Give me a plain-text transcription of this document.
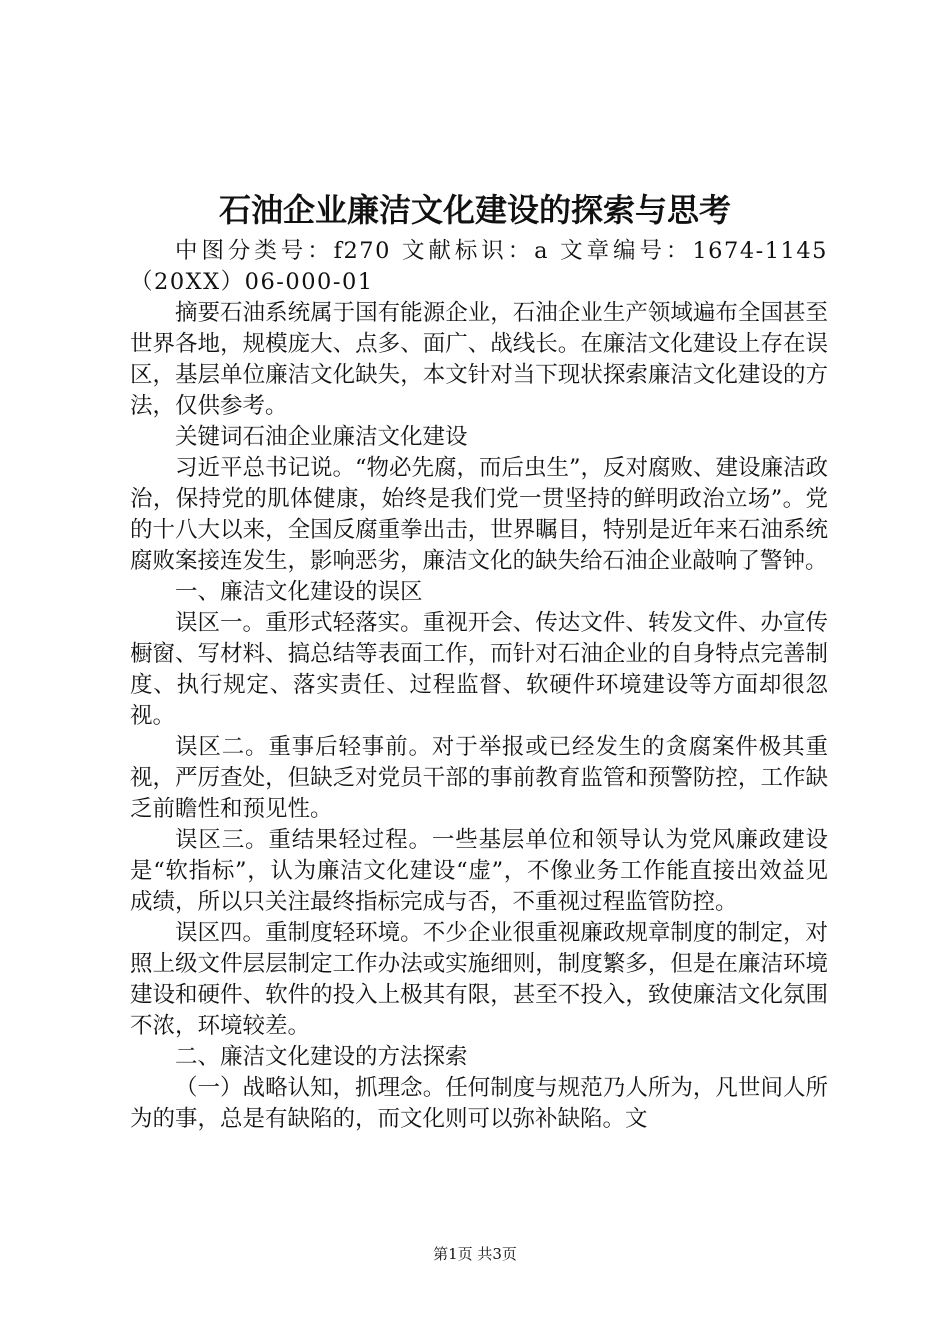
石油企业廉洁文化建设的探索与思考

中图分类号：f270 文献标识：a 文章编号：1674-1145（20XX）06-000-01

摘要石油系统属于国有能源企业，石油企业生产领域遍布全国甚至世界各地，规模庞大、点多、面广、战线长。在廉洁文化建设上存在误区，基层单位廉洁文化缺失，本文针对当下现状探索廉洁文化建设的方法，仅供参考。

关键词石油企业廉洁文化建设

习近平总书记说。“物必先腐，而后虫生”，反对腐败、建设廉洁政治，保持党的肌体健康，始终是我们党一贯坚持的鲜明政治立场”。党的十八大以来，全国反腐重拳出击，世界瞩目，特别是近年来石油系统腐败案接连发生，影响恶劣，廉洁文化的缺失给石油企业敲响了警钟。

一、廉洁文化建设的误区

误区一。重形式轻落实。重视开会、传达文件、转发文件、办宣传橱窗、写材料、搞总结等表面工作，而针对石油企业的自身特点完善制度、执行规定、落实责任、过程监督、软硬件环境建设等方面却很忽视。

误区二。重事后轻事前。对于举报或已经发生的贪腐案件极其重视，严厉查处，但缺乏对党员干部的事前教育监管和预警防控，工作缺乏前瞻性和预见性。

误区三。重结果轻过程。一些基层单位和领导认为党风廉政建设是“软指标”，认为廉洁文化建设“虚”，不像业务工作能直接出效益见成绩，所以只关注最终指标完成与否，不重视过程监管防控。

误区四。重制度轻环境。不少企业很重视廉政规章制度的制定，对照上级文件层层制定工作办法或实施细则，制度繁多，但是在廉洁环境建设和硬件、软件的投入上极其有限，甚至不投入，致使廉洁文化氛围不浓，环境较差。

二、廉洁文化建设的方法探索

（一）战略认知，抓理念。任何制度与规范乃人所为，凡世间人所为的事，总是有缺陷的，而文化则可以弥补缺陷。文

第1页 共3页
